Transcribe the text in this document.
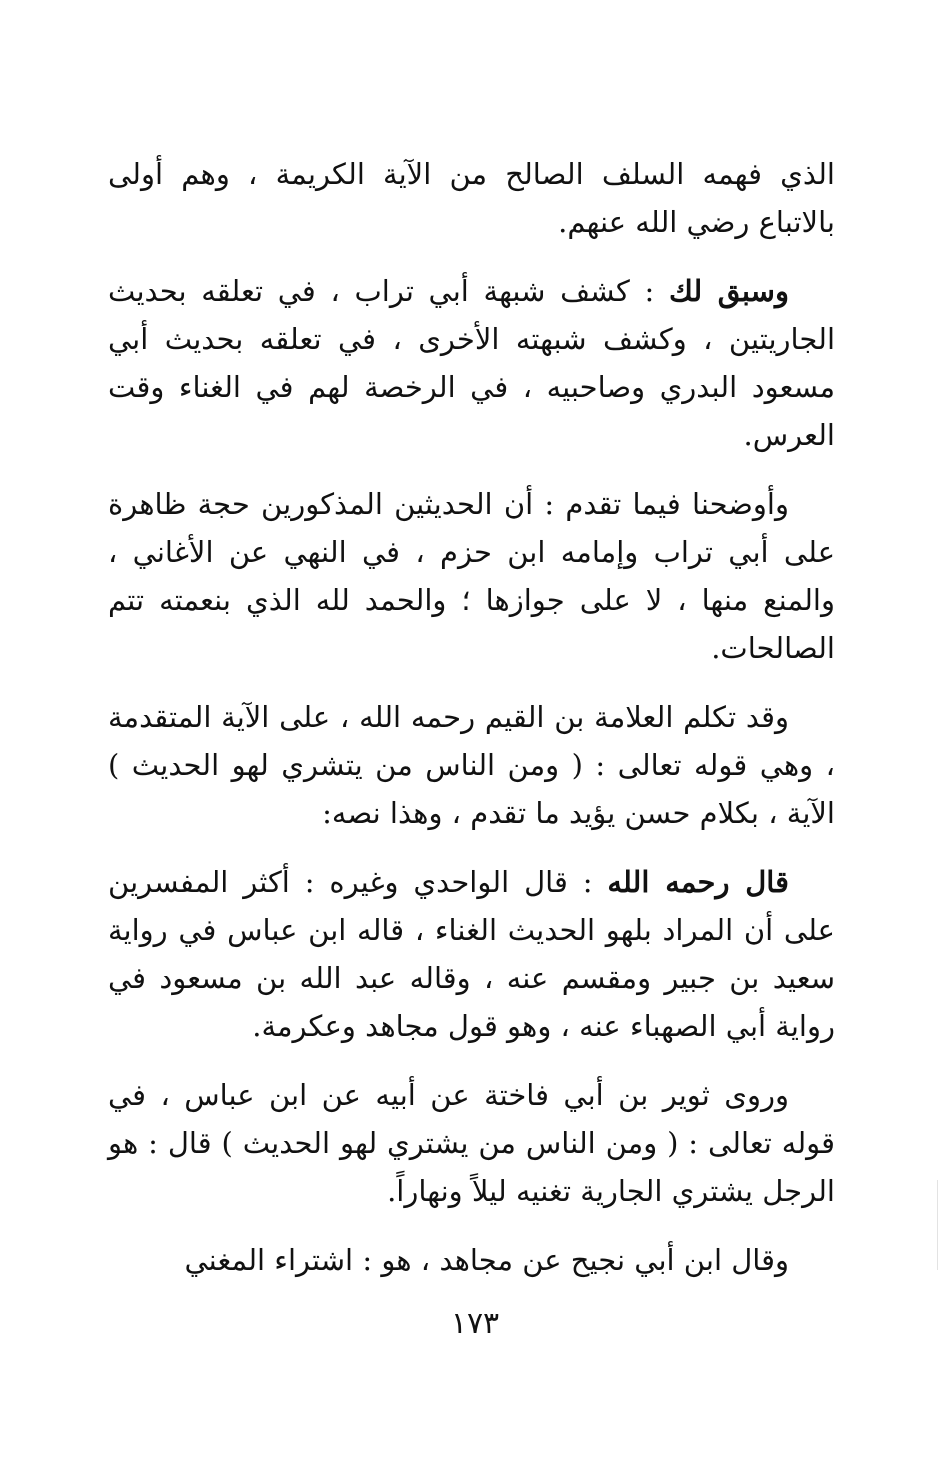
الذي فهمه السلف الصالح من الآية الكريمة ، وهم أولى بالاتباع رضي الله عنهم.

وسبق لك : كشف شبهة أبي تراب ، في تعلقه بحديث الجاريتين ، وكشف شبهته الأخرى ، في تعلقه بحديث أبي مسعود البدري وصاحبيه ، في الرخصة لهم في الغناء وقت العرس.

وأوضحنا فيما تقدم : أن الحديثين المذكورين حجة ظاهرة على أبي تراب وإمامه ابن حزم ، في النهي عن الأغاني ، والمنع منها ، لا على جوازها ؛ والحمد لله الذي بنعمته تتم الصالحات.

وقد تكلم العلامة بن القيم رحمه الله ، على الآية المتقدمة ، وهي قوله تعالى : ( ومن الناس من يتشري لهو الحديث ) الآية ، بكلام حسن يؤيد ما تقدم ، وهذا نصه:

قال رحمه الله : قال الواحدي وغيره : أكثر المفسرين على أن المراد بلهو الحديث الغناء ، قاله ابن عباس في رواية سعيد بن جبير ومقسم عنه ، وقاله عبد الله بن مسعود في رواية أبي الصهباء عنه ، وهو قول مجاهد وعكرمة.

وروى ثوير بن أبي فاختة عن أبيه عن ابن عباس ، في قوله تعالى : ( ومن الناس من يشتري لهو الحديث ) قال : هو الرجل يشتري الجارية تغنيه ليلاً ونهاراً.

وقال ابن أبي نجيح عن مجاهد ، هو : اشتراء المغني

١٧٣
